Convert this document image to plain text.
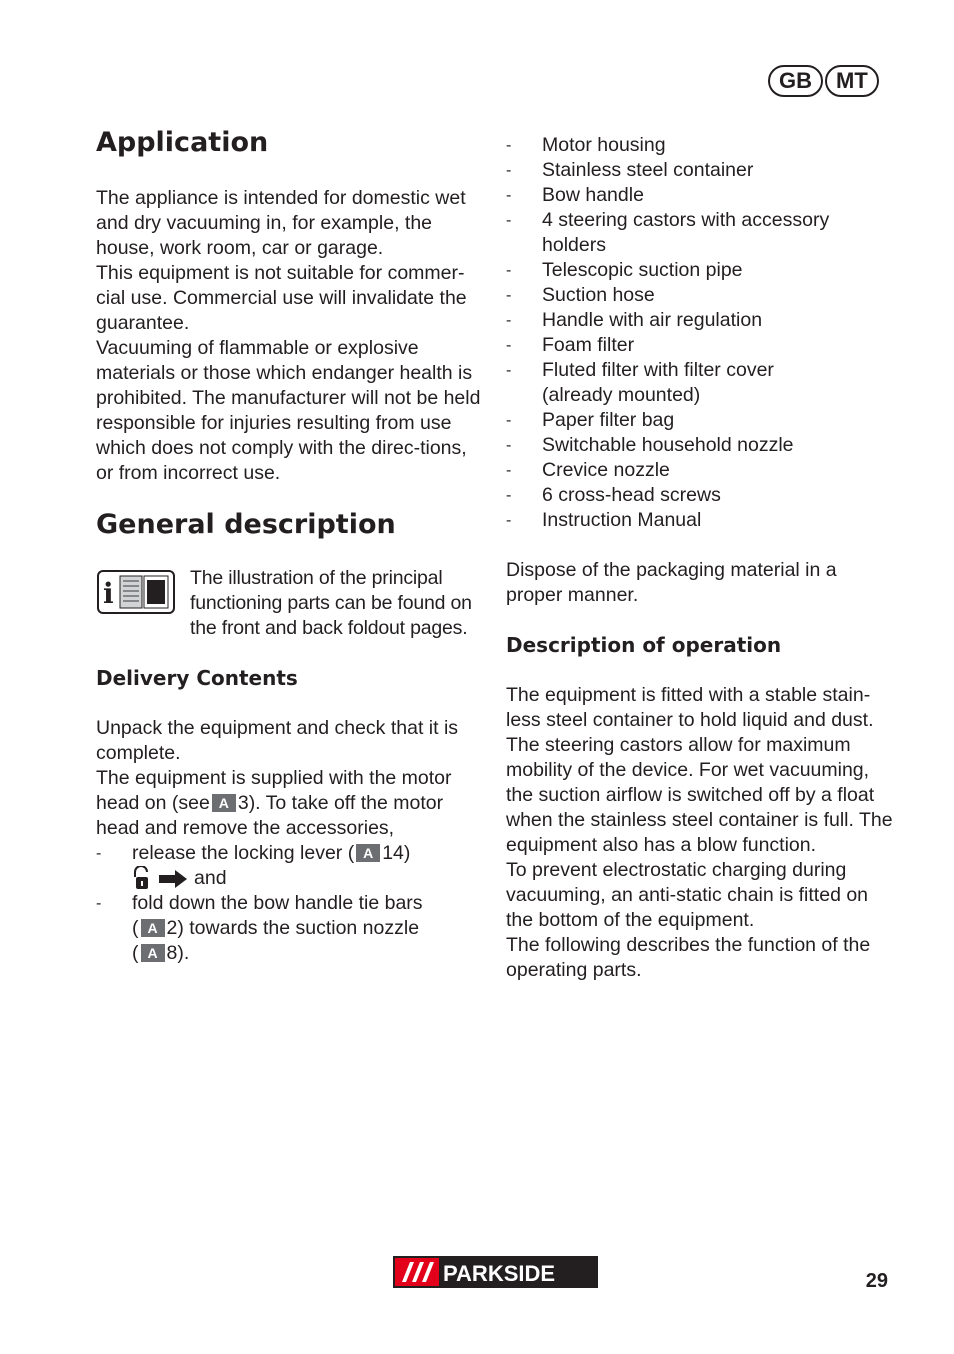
GB	MT
Application

The appliance is intended for domestic wet and dry vacuuming in, for example, the house, work room, car or garage.

This equipment is not suitable for commer-cial use. Commercial use will invalidate the guarantee.

Vacuuming of flammable or explosive materials or those which endanger health is prohibited. The manufacturer will not be held responsible for injuries resulting from use which does not comply with the direc-tions, or from incorrect use.

General description
i	The illustration of the principal functioning parts can be found on the front and back foldout pages.
Delivery Contents

Unpack the equipment and check that it is complete.

The equipment is supplied with the motor head on (see A 3). To take off the motor head and remove the accessories,

- release the locking lever ( A 14)
and
- fold down the bow handle tie bars
( A 2) towards the suction nozzle
( A 8).
- Motor housing
- Stainless steel container
- Bow handle
- 4 steering castors with accessory holders
- Telescopic suction pipe
- Suction hose
- Handle with air regulation
- Foam filter
- Fluted filter with filter cover (already mounted)
- Paper filter bag
- Switchable household nozzle
- Crevice nozzle
- 6 cross-head screws
- Instruction Manual

Dispose of the packaging material in a proper manner.

Description of operation

The equipment is fitted with a stable stain-less steel container to hold liquid and dust. The steering castors allow for maximum mobility of the device. For wet vacuuming, the suction airflow is switched off by a float when the stainless steel container is full. The equipment also has a blow function.

To prevent electrostatic charging during vacuuming, an anti-static chain is fitted on the bottom of the equipment.

The following describes the function of the operating parts.

PARKSIDE	29
